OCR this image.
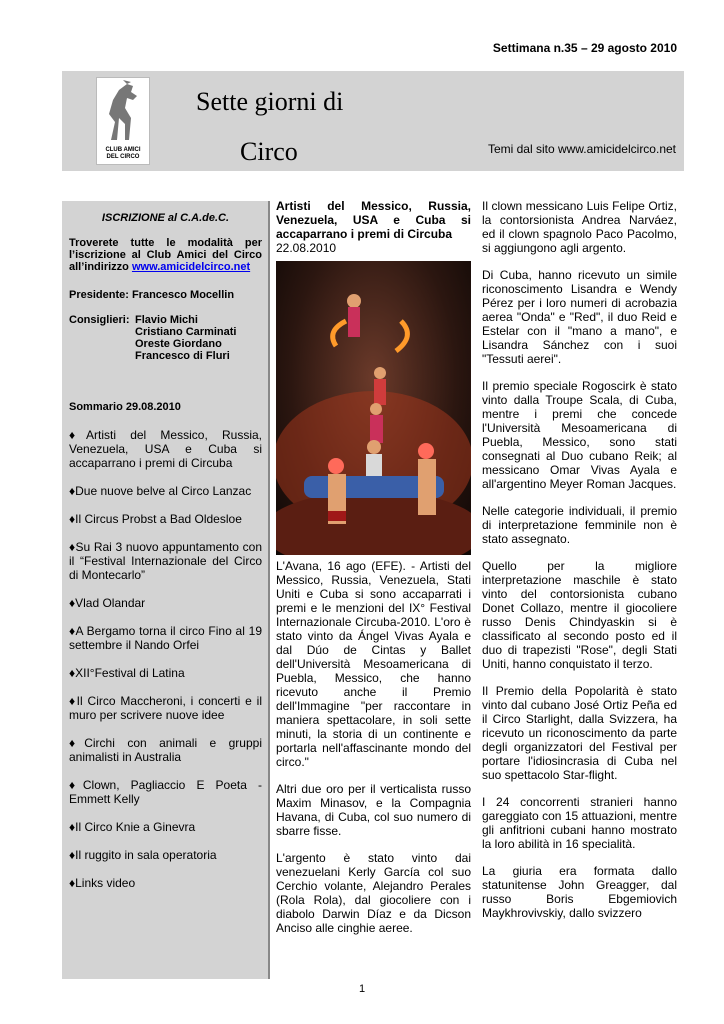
Settimana n.35 – 29 agosto 2010
CLUB AMICI
DEL CIRCO
Sette giorni di
Circo	Temi dal sito www.amicidelcirco.net
ISCRIZIONE al C.A.de.C.
Troverete tutte le modalità per l’iscrizione al Club Amici del Circo all’indirizzo www.amicidelcirco.net
Presidente: Francesco Mocellin
Consiglieri: Flavio Michi
Cristiano Carminati
Oreste Giordano
Francesco di Fluri
Sommario 29.08.2010
♦Artisti del Messico, Russia, Venezuela, USA e Cuba si accaparrano i premi di Circuba
♦Due nuove belve al Circo Lanzac
♦Il Circus Probst a Bad Oldesloe
♦Su Rai 3 nuovo appuntamento con il “Festival Internazionale del Circo di Montecarlo”
♦Vlad Olandar
♦A Bergamo torna il circo Fino al 19 settembre il Nando Orfei
♦XII°Festival di Latina
♦Il Circo Maccheroni, i concerti e il muro per scrivere nuove idee
♦Circhi con animali e gruppi animalisti in Australia
♦Clown, Pagliaccio E Poeta - Emmett Kelly
♦Il Circo Knie a Ginevra
♦Il ruggito in sala operatoria
♦Links video
Artisti del Messico, Russia, Venezuela, USA e Cuba si accaparrano i premi di Circuba
22.08.2010

L'Avana, 16 ago (EFE). - Artisti del Messico, Russia, Venezuela, Stati Uniti e Cuba si sono accaparrati i premi e le menzioni del IX° Festival Internazionale Circuba-2010. L'oro è stato vinto da Ángel Vivas Ayala e dal Dúo de Cintas y Ballet dell'Università Mesoamericana di Puebla, Messico, che hanno ricevuto anche il Premio dell'Immagine "per raccontare in maniera spettacolare, in soli sette minuti, la storia di un continente e portarla nell'affascinante mondo del circo."

Altri due oro per il verticalista russo Maxim Minasov, e la Compagnia Havana, di Cuba, col suo numero di sbarre fisse.

L'argento è stato vinto dai venezuelani Kerly García col suo Cerchio volante, Alejandro Perales (Rola Rola), dal giocoliere con i diabolo Darwin Díaz e da Dicson Anciso alle cinghie aeree.

Il clown messicano Luis Felipe Ortiz, la contorsionista Andrea Narváez, ed il clown spagnolo Paco Pacolmo, si aggiungono agli argento.

Di Cuba, hanno ricevuto un simile riconoscimento Lisandra e Wendy Pérez per i loro numeri di acrobazia aerea "Onda" e "Red", il duo Reid e Estelar con il "mano a mano", e Lisandra Sánchez con i suoi "Tessuti aerei".

Il premio speciale Rogoscirk è stato vinto dalla Troupe Scala, di Cuba, mentre i premi che concede l'Università Mesoamericana di Puebla, Messico, sono stati consegnati al Duo cubano Reik; al messicano Omar Vivas Ayala e all'argentino Meyer Roman Jacques.

Nelle categorie individuali, il premio di interpretazione femminile non è stato assegnato.

Quello per la migliore interpretazione maschile è stato vinto del contorsionista cubano Donet Collazo, mentre il giocoliere russo Denis Chindyaskin si è classificato al secondo posto ed il duo di trapezisti "Rose", degli Stati Uniti, hanno conquistato il terzo.

Il Premio della Popolarità è stato vinto dal cubano José Ortiz Peña ed il Circo Starlight, dalla Svizzera, ha ricevuto un riconoscimento da parte degli organizzatori del Festival per portare l'idiosincrasia di Cuba nel suo spettacolo Star-flight.

I 24 concorrenti stranieri hanno gareggiato con 15 attuazioni, mentre gli anfitrioni cubani hanno mostrato la loro abilità in 16 specialità.

La giuria era formata dallo statunitense John Greagger, dal russo Boris Ebgemiovich Maykhrovivskiy, dallo svizzero

1
